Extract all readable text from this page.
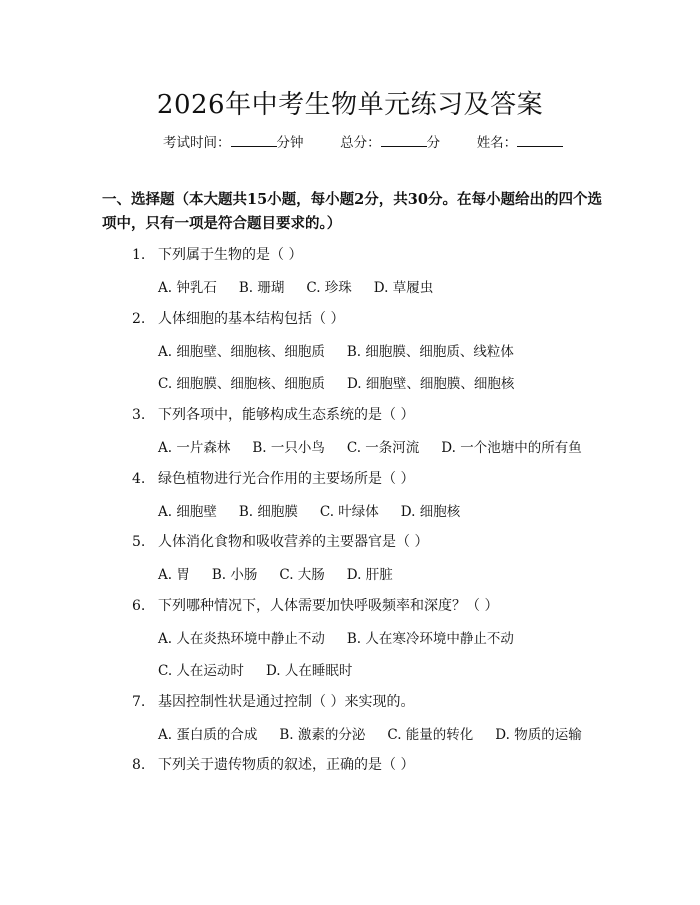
2026年中考生物单元练习及答案
考试时间：	分钟	总分：	分	姓名：
一、选择题（本大题共15小题，每小题2分，共30分。在每小题给出的四个选项中，只有一项是符合题目要求的。）
1. 下列属于生物的是（ ）
A. 钟乳石 B. 珊瑚 C. 珍珠 D. 草履虫
2. 人体细胞的基本结构包括（ ）
A. 细胞壁、细胞核、细胞质 B. 细胞膜、细胞质、线粒体
C. 细胞膜、细胞核、细胞质 D. 细胞壁、细胞膜、细胞核
3. 下列各项中，能够构成生态系统的是（ ）
A. 一片森林 B. 一只小鸟 C. 一条河流 D. 一个池塘中的所有鱼
4. 绿色植物进行光合作用的主要场所是（ ）
A. 细胞壁 B. 细胞膜 C. 叶绿体 D. 细胞核
5. 人体消化食物和吸收营养的主要器官是（ ）
A. 胃 B. 小肠 C. 大肠 D. 肝脏
6. 下列哪种情况下，人体需要加快呼吸频率和深度？（ ）
A. 人在炎热环境中静止不动 B. 人在寒冷环境中静止不动
C. 人在运动时 D. 人在睡眠时
7. 基因控制性状是通过控制（ ）来实现的。
A. 蛋白质的合成 B. 激素的分泌 C. 能量的转化 D. 物质的运输
8. 下列关于遗传物质的叙述，正确的是（ ）
